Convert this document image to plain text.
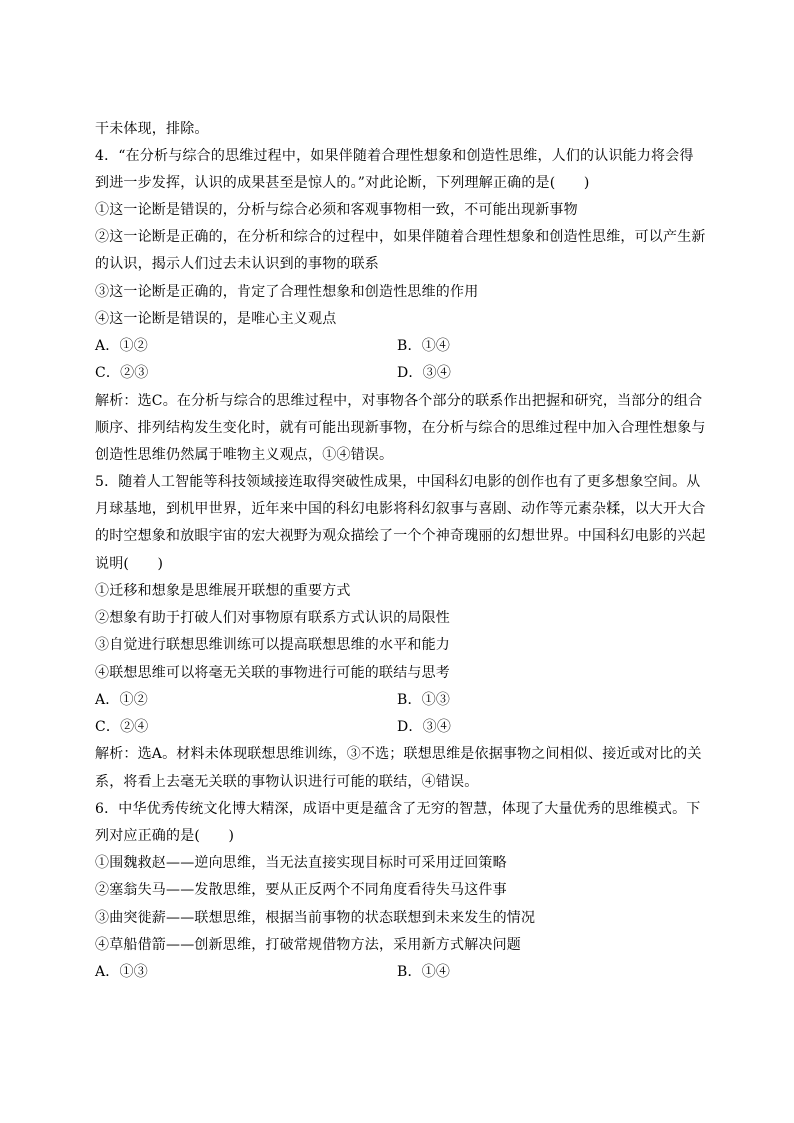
干未体现，排除。
4．“在分析与综合的思维过程中，如果伴随着合理性想象和创造性思维，人们的认识能力将会得
到进一步发挥，认识的成果甚至是惊人的。”对此论断，下列理解正确的是(　　)
①这一论断是错误的，分析与综合必须和客观事物相一致，不可能出现新事物
②这一论断是正确的，在分析和综合的过程中，如果伴随着合理性想象和创造性思维，可以产生新
的认识，揭示人们过去未认识到的事物的联系
③这一论断是正确的，肯定了合理性想象和创造性思维的作用
④这一论断是错误的，是唯心主义观点
A．①②	B．①④
C．②③	D．③④
解析：选C。在分析与综合的思维过程中，对事物各个部分的联系作出把握和研究，当部分的组合
顺序、排列结构发生变化时，就有可能出现新事物，在分析与综合的思维过程中加入合理性想象与
创造性思维仍然属于唯物主义观点，①④错误。
5．随着人工智能等科技领域接连取得突破性成果，中国科幻电影的创作也有了更多想象空间。从
月球基地，到机甲世界，近年来中国的科幻电影将科幻叙事与喜剧、动作等元素杂糅，以大开大合
的时空想象和放眼宇宙的宏大视野为观众描绘了一个个神奇瑰丽的幻想世界。中国科幻电影的兴起
说明(　　)
①迁移和想象是思维展开联想的重要方式
②想象有助于打破人们对事物原有联系方式认识的局限性
③自觉进行联想思维训练可以提高联想思维的水平和能力
④联想思维可以将毫无关联的事物进行可能的联结与思考
A．①②	B．①③
C．②④	D．③④
解析：选A。材料未体现联想思维训练，③不选；联想思维是依据事物之间相似、接近或对比的关
系，将看上去毫无关联的事物认识进行可能的联结，④错误。
6．中华优秀传统文化博大精深，成语中更是蕴含了无穷的智慧，体现了大量优秀的思维模式。下
列对应正确的是(　　)
①围魏救赵——逆向思维，当无法直接实现目标时可采用迂回策略
②塞翁失马——发散思维，要从正反两个不同角度看待失马这件事
③曲突徙薪——联想思维，根据当前事物的状态联想到未来发生的情况
④草船借箭——创新思维，打破常规借物方法，采用新方式解决问题
A．①③	B．①④
